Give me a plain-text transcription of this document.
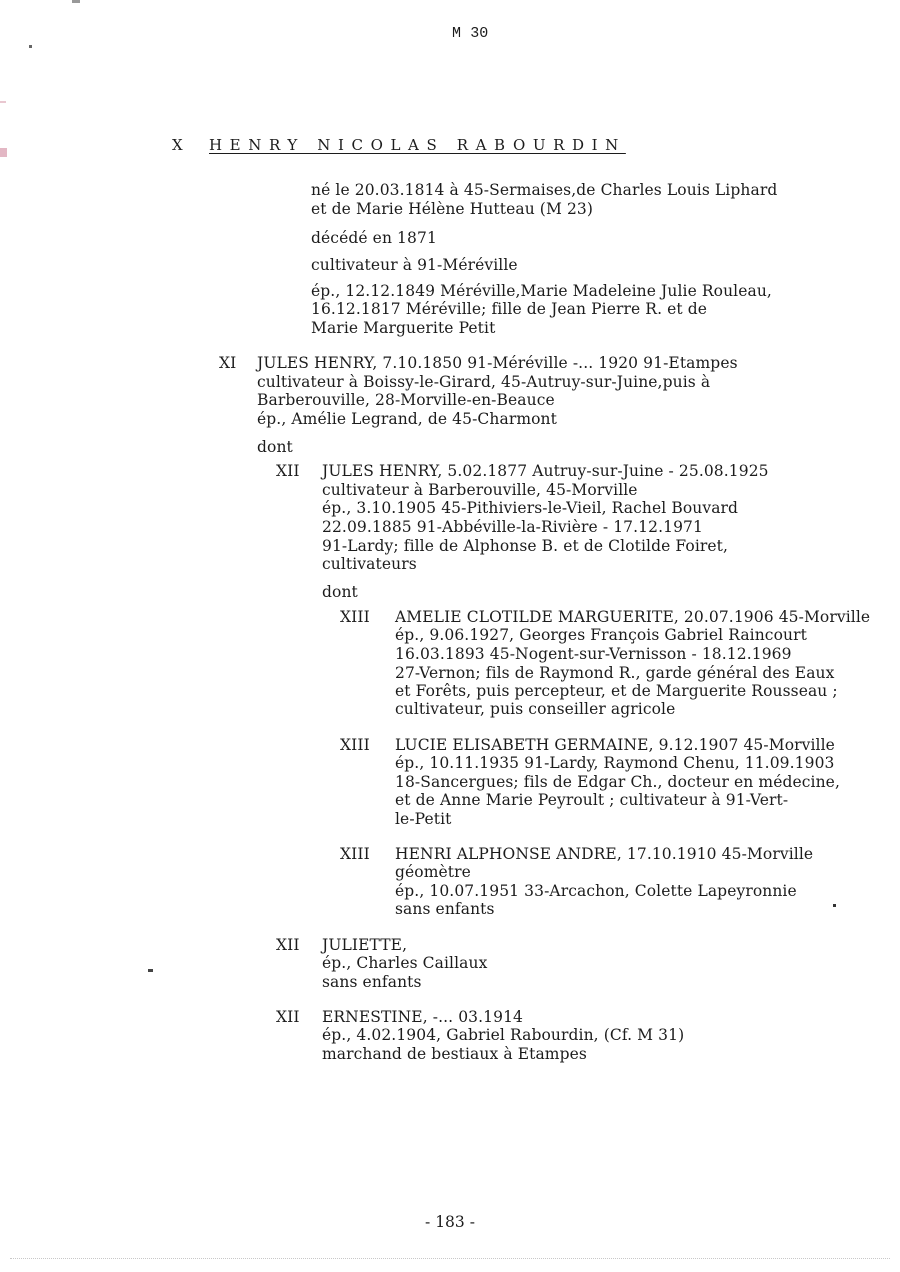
M 30

X

HENRY NICOLAS RABOURDIN

né le 20.03.1814 à 45-Sermaises,de Charles Louis Liphard
et de Marie Hélène Hutteau (M 23)
décédé en 1871
cultivateur à 91-Méréville
ép., 12.12.1849 Méréville,Marie Madeleine Julie Rouleau,
16.12.1817 Méréville; fille de Jean Pierre R. et de
Marie Marguerite Petit
XI JULES HENRY, 7.10.1850 91-Méréville -... 1920 91-Etampes
cultivateur à Boissy-le-Girard, 45-Autruy-sur-Juine,puis à
Barberouville, 28-Morville-en-Beauce
ép., Amélie Legrand, de 45-Charmont
dont
XII JULES HENRY, 5.02.1877 Autruy-sur-Juine - 25.08.1925
cultivateur à Barberouville, 45-Morville
ép., 3.10.1905 45-Pithiviers-le-Vieil, Rachel Bouvard
22.09.1885 91-Abbéville-la-Rivière - 17.12.1971
91-Lardy; fille de Alphonse B. et de Clotilde Foiret,
cultivateurs
dont
XIII AMELIE CLOTILDE MARGUERITE, 20.07.1906 45-Morville
ép., 9.06.1927, Georges François Gabriel Raincourt
16.03.1893 45-Nogent-sur-Vernisson - 18.12.1969
27-Vernon; fils de Raymond R., garde général des Eaux
et Forêts, puis percepteur, et de Marguerite Rousseau ;
cultivateur, puis conseiller agricole
XIII LUCIE ELISABETH GERMAINE, 9.12.1907 45-Morville
ép., 10.11.1935 91-Lardy, Raymond Chenu, 11.09.1903
18-Sancergues; fils de Edgar Ch., docteur en médecine,
et de Anne Marie Peyroult ; cultivateur à 91-Vert-
le-Petit
XIII HENRI ALPHONSE ANDRE, 17.10.1910 45-Morville
géomètre
ép., 10.07.1951 33-Arcachon, Colette Lapeyronnie
sans enfants
XII JULIETTE,
ép., Charles Caillaux
sans enfants
XII ERNESTINE, -... 03.1914
ép., 4.02.1904, Gabriel Rabourdin, (Cf. M 31)
marchand de bestiaux à Etampes
- 183 -
